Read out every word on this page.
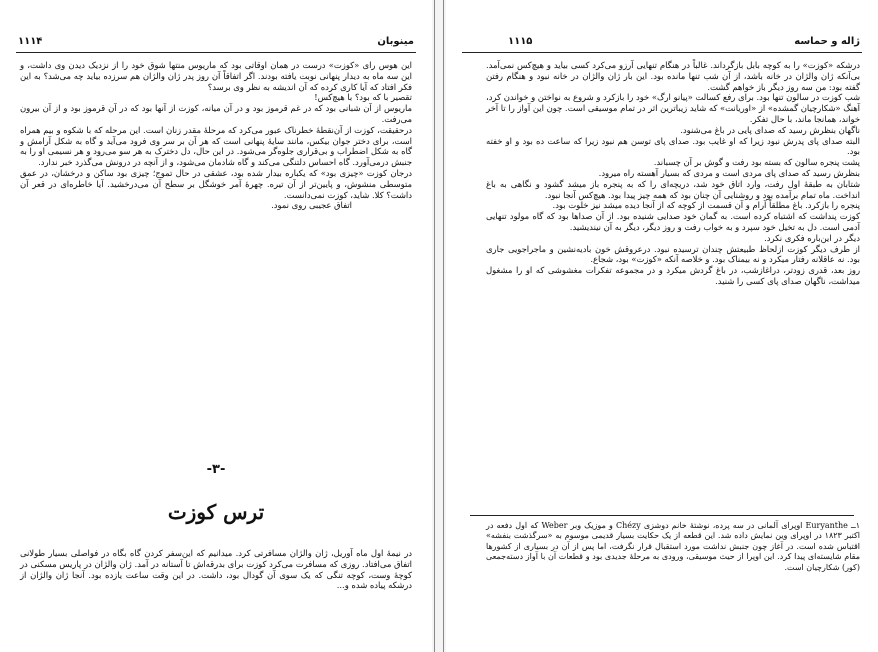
۱۱۱۴	مینوبان

این هوس‌ رای «کوزت» درست در همان اوقاتی بود که ماریوس منتها شوق خود را از نزدیک دیدن وی داشت، و این سه ماه به دیدار پنهانی نوبت یافته بودند. اگر اتفاقاً آن روز پدر ژان والژان هم سرزده بیاید چه می‌شد؟ به این فکر افتاد که آیا کاری کرده که آن اندیشه به نظر وی برسد؟

تقصیر با که بود؟ با هیچ‌کس!

ماریوس از آن شبانی بود که در غم قرموز بود و در آن میانه، کوزت از آنها بود که در آن قرموز بود و از آن بیرون می‌رفت.

درحقیقت، کوزت از آن‌نقطهٔ خطرناک عبور می‌کرد که مرحلهٔ مقدر زنان است. این مرحله که با شکوه و بیم همراه است، برای دختر جوان بیکس، مانند سایهٔ پنهانی است که هر آن بر سر وی فرود می‌آید و گاه به شکل آرامش و گاه به شکل اضطراب و بی‌قراری جلوه‌گر می‌شود. در این حال، دل دخترک به هر سو می‌رود و هر نسیمی او را به جنبش درمی‌آورد. گاه احساس دلتنگی می‌کند و گاه شادمان می‌شود، و از آنچه در درونش می‌گذرد خبر ندارد.

درجان کوزت «چیزی بود» که یکباره بیدار شده بود، عشقی در حال تموج؛ چیزی بود ساکن و درخشان، در عمق متوسطی منشوش، و پایین‌تر از آن تیره. چهرهٔ آمر خوشگل بر سطح آن می‌درخشید. آیا خاطره‌ای در قعر آن داشت؟ کلا. شاید، کوزت نمی‌دانست.

اتفاق عجیبی روی نمود.

-۳-
ترس کوزت

در نیمهٔ اول ماه آوریل، ژان والژان مسافرتی کرد. میدانیم که این‌سفر کردن گاه بگاه در فواصلی بسیار طولانی اتفاق می‌افتاد. روزی که مسافرت می‌کرد کوزت برای بدرقه‌اش تا آستانه در آمد. ژان والژان در پاریس مسکنی در کوچهٔ وست، کوچه تنگی که یک سوی آن گودال بود، داشت. در این وقت ساعت یازده بود. آنجا ژان والژان از درشکه پیاده شده و...

۱۱۱۵	ژاله و حماسه

درشکه «کوزت» را به کوچه بابل بازگرداند. غالباً در هنگام تنهایی آرزو می‌کرد کسی بیاید و هیچ‌کس نمی‌آمد. بی‌آنکه ژان والژان در خانه باشد، از آن شب تنها مانده بود. این بار ژان والژان در خانه نبود و هنگام رفتن گفته بود: من سه روز دیگر باز خواهم گشت.

شب کوزت در سالون تنها بود. برای رفع کسالت «پیانو ارگ» خود را بازکرد و شروع به نواختن و خواندن کرد، آهنگ «شکارچیان گمشده» از «اوریانت» که شاید زیباترین اثر در تمام موسیقی است. چون این آواز را تا آخر خواند، همانجا ماند، با حال تفکر.

ناگهان بنظرش رسید که صدای پایی در باغ می‌شنود.

البته صدای پای پدرش نبود زیرا که او غایب بود. صدای پای توسن هم نبود زیرا که ساعت ده بود و او خفته بود.

پشت پنجره سالون که بسته بود رفت و گوش بر آن چسباند.

بنظرش رسید که صدای پای مردی است و مردی که بسیار آهسته راه میرود.

شتابان به طبقهٔ اول رفت، وارد اتاق خود شد، دریچه‌ای را که به پنجره باز میشد گشود و نگاهی به باغ انداخت. ماه تمام برآمده بود و روشنایی آن چنان بود که همه چیز پیدا بود. هیچ‌کس آنجا نبود.

پنجره را بازکرد. باغ مطلقاً آرام و آن قسمت از کوچه که از آنجا دیده میشد نیز خلوت بود.

کوزت پنداشت که اشتباه کرده است. به گمان خود صدایی شنیده بود. از آن صداها بود که گاه مولود تنهایی آدمی است. دل به تخیل خود سپرد و به خواب رفت و روز دیگر، دیگر به آن نیندیشید.

دیگر در این‌باره فکری نکرد.

از طرف دیگر کوزت ازلحاظ طبیعتش چندان ترسیده نبود. درعروقش خون بادیه‌نشین و ماجراجویی جاری بود. نه عاقلانه رفتار میکرد و نه بیمناک بود. و خلاصه آنکه «کوزت» بود، شجاع.

روز بعد، قدری زودتر، دراغازشب، در باغ گردش میکرد و در مجموعه تفکرات مغشوشی که او را مشغول میداشت، ناگهان صدای پای کسی را شنید.

۱ــ Euryanthe اوپرای آلمانی در سه پرده، نوشتهٔ خانم دوشزی Chézy و موزیک وبر Weber که اول دفعه در اکتبر ۱۸۲۳ در اوپرای وین نمایش داده شد. این قطعه از یک حکایت بسیار قدیمی موسوم به «سرگذشت بنفشه» اقتباس شده است. در آغاز چون جنبش نداشت مورد استقبال قرار نگرفت، اما پس از آن در بسیاری از کشورها مقام شایسته‌ای پیدا کرد. این اوپرا از حیث موسیقی، ورودی به مرحلهٔ جدیدی بود و قطعات آن با آواز دسته‌جمعی (کور) شکارچیان است.
